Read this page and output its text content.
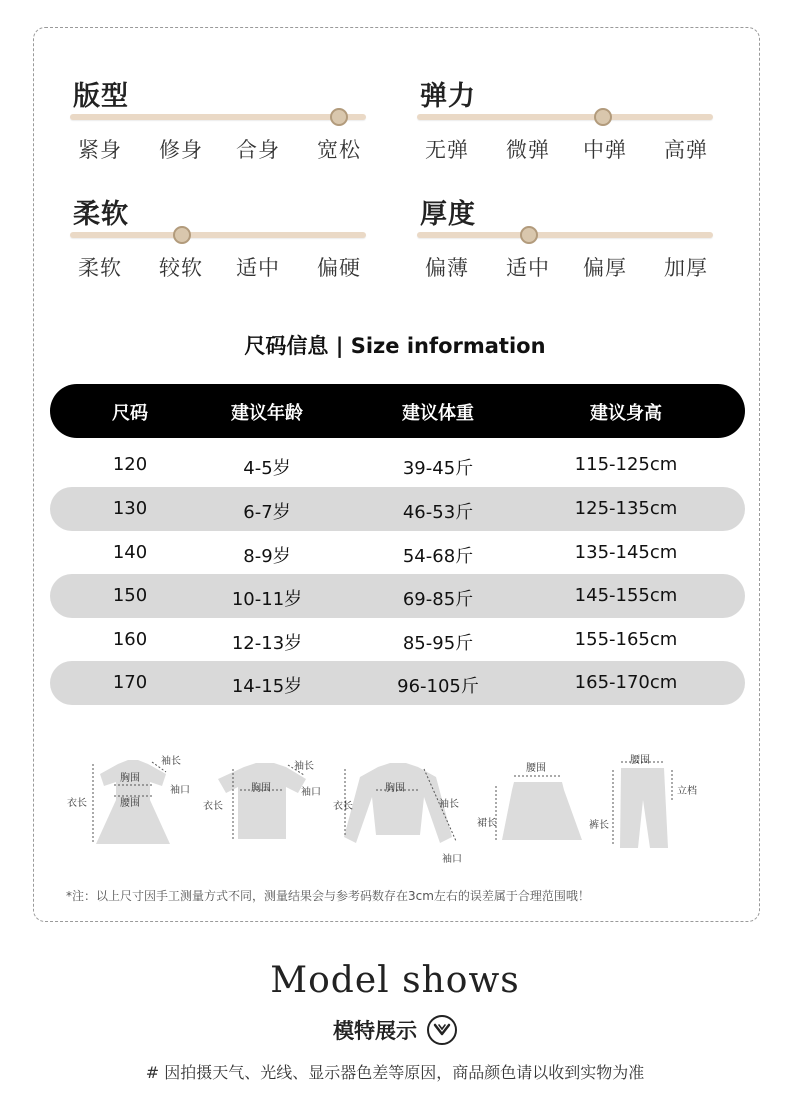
版型
紧身	修身	合身	宽松
弹力
无弹	微弹	中弹	高弹
柔软
柔软	较软	适中	偏硬
厚度
偏薄	适中	偏厚	加厚
尺码信息 | Size information
尺码	建议年龄	建议体重	建议身高
120	4-5岁	39-45斤	115-125cm
130	6-7岁	46-53斤	125-135cm
140	8-9岁	54-68斤	135-145cm
150	10-11岁	69-85斤	145-155cm
160	12-13岁	85-95斤	155-165cm
170	14-15岁	96-105斤	165-170cm
胸围
腰围
衣长
袖长
袖口	胸围
衣长
袖长
袖口	胸围
衣长	袖长
袖口
腰围
裙长
腰围
裤长
立档
*注：以上尺寸因手工测量方式不同，测量结果会与参考码数存在3cm左右的误差属于合理范围哦！
Model shows
模特展示
# 因拍摄天气、光线、显示器色差等原因，商品颜色请以收到实物为准
